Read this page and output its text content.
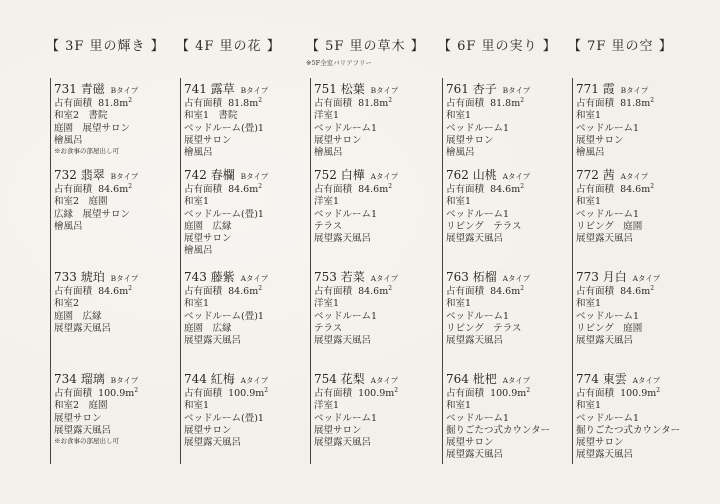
【 3F 里の輝き 】
731 青磁 Bタイプ
占有面積 $81.8m^2$
和室2　書院
庭園　展望サロン
檜風呂
※お食事の部屋出し可
732 翡翠 Bタイプ
占有面積 $84.6m^2$
和室2　庭園
広縁　展望サロン
檜風呂
733 琥珀 Bタイプ
占有面積 $84.6m^2$
和室2
庭園　広縁
展望露天風呂
734 瑠璃 Bタイプ
占有面積 $100.9m^2$
和室2　庭園
展望サロン
展望露天風呂
※お食事の部屋出し可
【 4F 里の花 】
741 露草 Bタイプ
占有面積 $81.8m^2$
和室1　書院
ベッドルーム(畳)1
展望サロン
檜風呂
742 春欄 Bタイプ
占有面積 $84.6m^2$
和室1
ベッドルーム(畳)1
庭園　広縁
展望サロン
檜風呂
743 藤紫 Aタイプ
占有面積 $84.6m^2$
和室1
ベッドルーム(畳)1
庭園　広縁
展望露天風呂
744 紅梅 Aタイプ
占有面積 $100.9m^2$
和室1
ベッドルーム(畳)1
展望サロン
展望露天風呂
【 5F 里の草木 】
※5F全室バリアフリー
751 松葉 Bタイプ
占有面積 $81.8m^2$
洋室1
ベッドルーム1
展望サロン
檜風呂
752 白樺 Aタイプ
占有面積 $84.6m^2$
洋室1
ベッドルーム1
テラス
展望露天風呂
753 若菜 Aタイプ
占有面積 $84.6m^2$
洋室1
ベッドルーム1
テラス
展望露天風呂
754 花梨 Aタイプ
占有面積 $100.9m^2$
洋室1
ベッドルーム1
展望サロン
展望露天風呂
【 6F 里の実り 】
761 杏子 Bタイプ
占有面積 $81.8m^2$
和室1
ベッドルーム1
展望サロン
檜風呂
762 山桃 Aタイプ
占有面積 $84.6m^2$
和室1
ベッドルーム1
リビング　テラス
展望露天風呂
763 柘榴 Aタイプ
占有面積 $84.6m^2$
和室1
ベッドルーム1
リビング　テラス
展望露天風呂
764 枇杷 Aタイプ
占有面積 $100.9m^2$
和室1
ベッドルーム1
掘りごたつ式カウンター
展望サロン
展望露天風呂
【 7F 里の空 】
771 霞 Bタイプ
占有面積 $81.8m^2$
和室1
ベッドルーム1
展望サロン
檜風呂
772 茜 Aタイプ
占有面積 $84.6m^2$
和室1
ベッドルーム1
リビング　庭園
展望露天風呂
773 月白 Aタイプ
占有面積 $84.6m^2$
和室1
ベッドルーム1
リビング　庭園
展望露天風呂
774 東雲 Aタイプ
占有面積 $100.9m^2$
和室1
ベッドルーム1
掘りごたつ式カウンター
展望サロン
展望露天風呂
